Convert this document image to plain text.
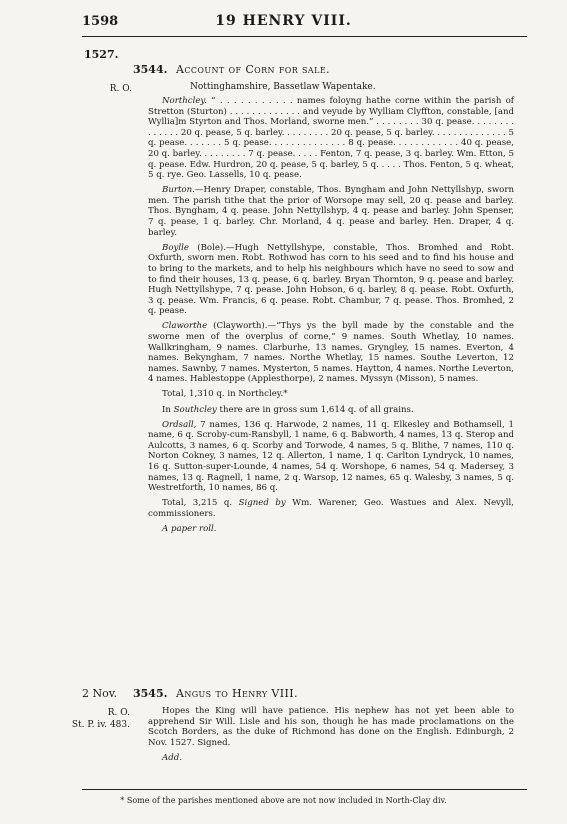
1598	19 HENRY VIII.
1527.
R. O.
3544. Account of Corn for sale.
Nottinghamshire, Bassetlaw Wapentake.

Northcley. “ . . . . . . . . . . . names foloyng hathe corne within the parish of Stretton (Sturton) . . . . . . . . . . . . . and veyude by Wylliam Clyffton, constable, [and Wyllia]m Styrton and Thos. Morland, sworne men.” . . . . . . . . 30 q. pease. . . . . . . . . . . . . . 20 q. pease, 5 q. barley. . . . . . . . . 20 q. pease, 5 q. barley. . . . . . . . . . . . . . 5 q. pease. . . . . . . 5 q. pease. . . . . . . . . . . . . . 8 q. pease. . . . . . . . . . . . 40 q. pease, 20 q. barley. . . . . . . . . 7 q. pease. . . . . Fenton, 7 q. pease, 3 q. barley. Wm. Etton, 5 q. pease. Edw. Hurdron, 20 q. pease, 5 q. barley, 5 q. . . . . Thos. Fenton, 5 q. wheat, 5 q. rye. Geo. Lassells, 10 q. pease.

Burton.—Henry Draper, constable, Thos. Byngham and John Nettyllshyp, sworn men. The parish tithe that the prior of Worsope may sell, 20 q. pease and barley. Thos. Byngham, 4 q. pease. John Nettyllshyp, 4 q. pease and barley. John Spenser, 7 q. pease, 1 q. barley. Chr. Morland, 4 q. pease and barley. Hen. Draper, 4 q. barley.

Boylle (Bole).—Hugh Nettyllshype, constable, Thos. Bromhed and Robt. Oxfurth, sworn men. Robt. Rothwod has corn to his seed and to find his house and to bring to the markets, and to help his neighbours which have no seed to sow and to find their houses, 13 q. pease, 6 q. barley. Bryan Thornton, 9 q. pease and barley. Hugh Nettyllshype, 7 q. pease. John Hobson, 6 q. barley, 8 q. pease. Robt. Oxfurth, 3 q. pease. Wm. Francis, 6 q. pease. Robt. Chambur, 7 q. pease. Thos. Bromhed, 2 q. pease.

Claworthe (Clayworth).—“Thys ys the byll made by the constable and the sworne men of the overplus of corne,” 9 names. South Whetlay, 10 names. Wallkringham, 9 names. Clarburhe, 13 names. Gryngley, 15 names. Everton, 4 names. Bekyngham, 7 names. Northe Whetlay, 15 names. Southe Leverton, 12 names. Sawnby, 7 names. Mysterton, 5 names. Haytton, 4 names. Northe Leverton, 4 names. Hablestoppe (Applesthorpe), 2 names. Myssyn (Misson), 5 names.

Total, 1,310 q. in Northcley.*

In Southcley there are in gross sum 1,614 q. of all grains.

Ordsall, 7 names, 136 q. Harwode, 2 names, 11 q. Elkesley and Bothamsell, 1 name, 6 q. Scroby-cum-Ransbyll, 1 name, 6 q. Babworth, 4 names, 13 q. Sterop and Aulcotts, 3 names, 6 q. Scorby and Torwode, 4 names, 5 q. Blithe, 7 names, 110 q. Norton Cokney, 3 names, 12 q. Allerton, 1 name, 1 q. Carlton Lyndryck, 10 names, 16 q. Sutton-super-Lounde, 4 names, 54 q. Worshope, 6 names, 54 q. Madersey, 3 names, 13 q. Ragnell, 1 name, 2 q. Warsop, 12 names, 65 q. Walesby, 3 names, 5 q. Westretforth, 10 names, 86 q.

Total, 3,215 q. Signed by Wm. Warener, Geo. Wastues and Alex. Nevyll, commissioners.

A paper roll.

2 Nov. 3545. Angus to Henry VIII.
R. O.
St. P. iv. 483.

Hopes the King will have patience. His nephew has not yet been able to apprehend Sir Will. Lisle and his son, though he has made proclamations on the Scotch Borders, as the duke of Richmond has done on the English. Edinburgh, 2 Nov. 1527. Signed.

Add.

* Some of the parishes mentioned above are not now included in North-Clay div.
